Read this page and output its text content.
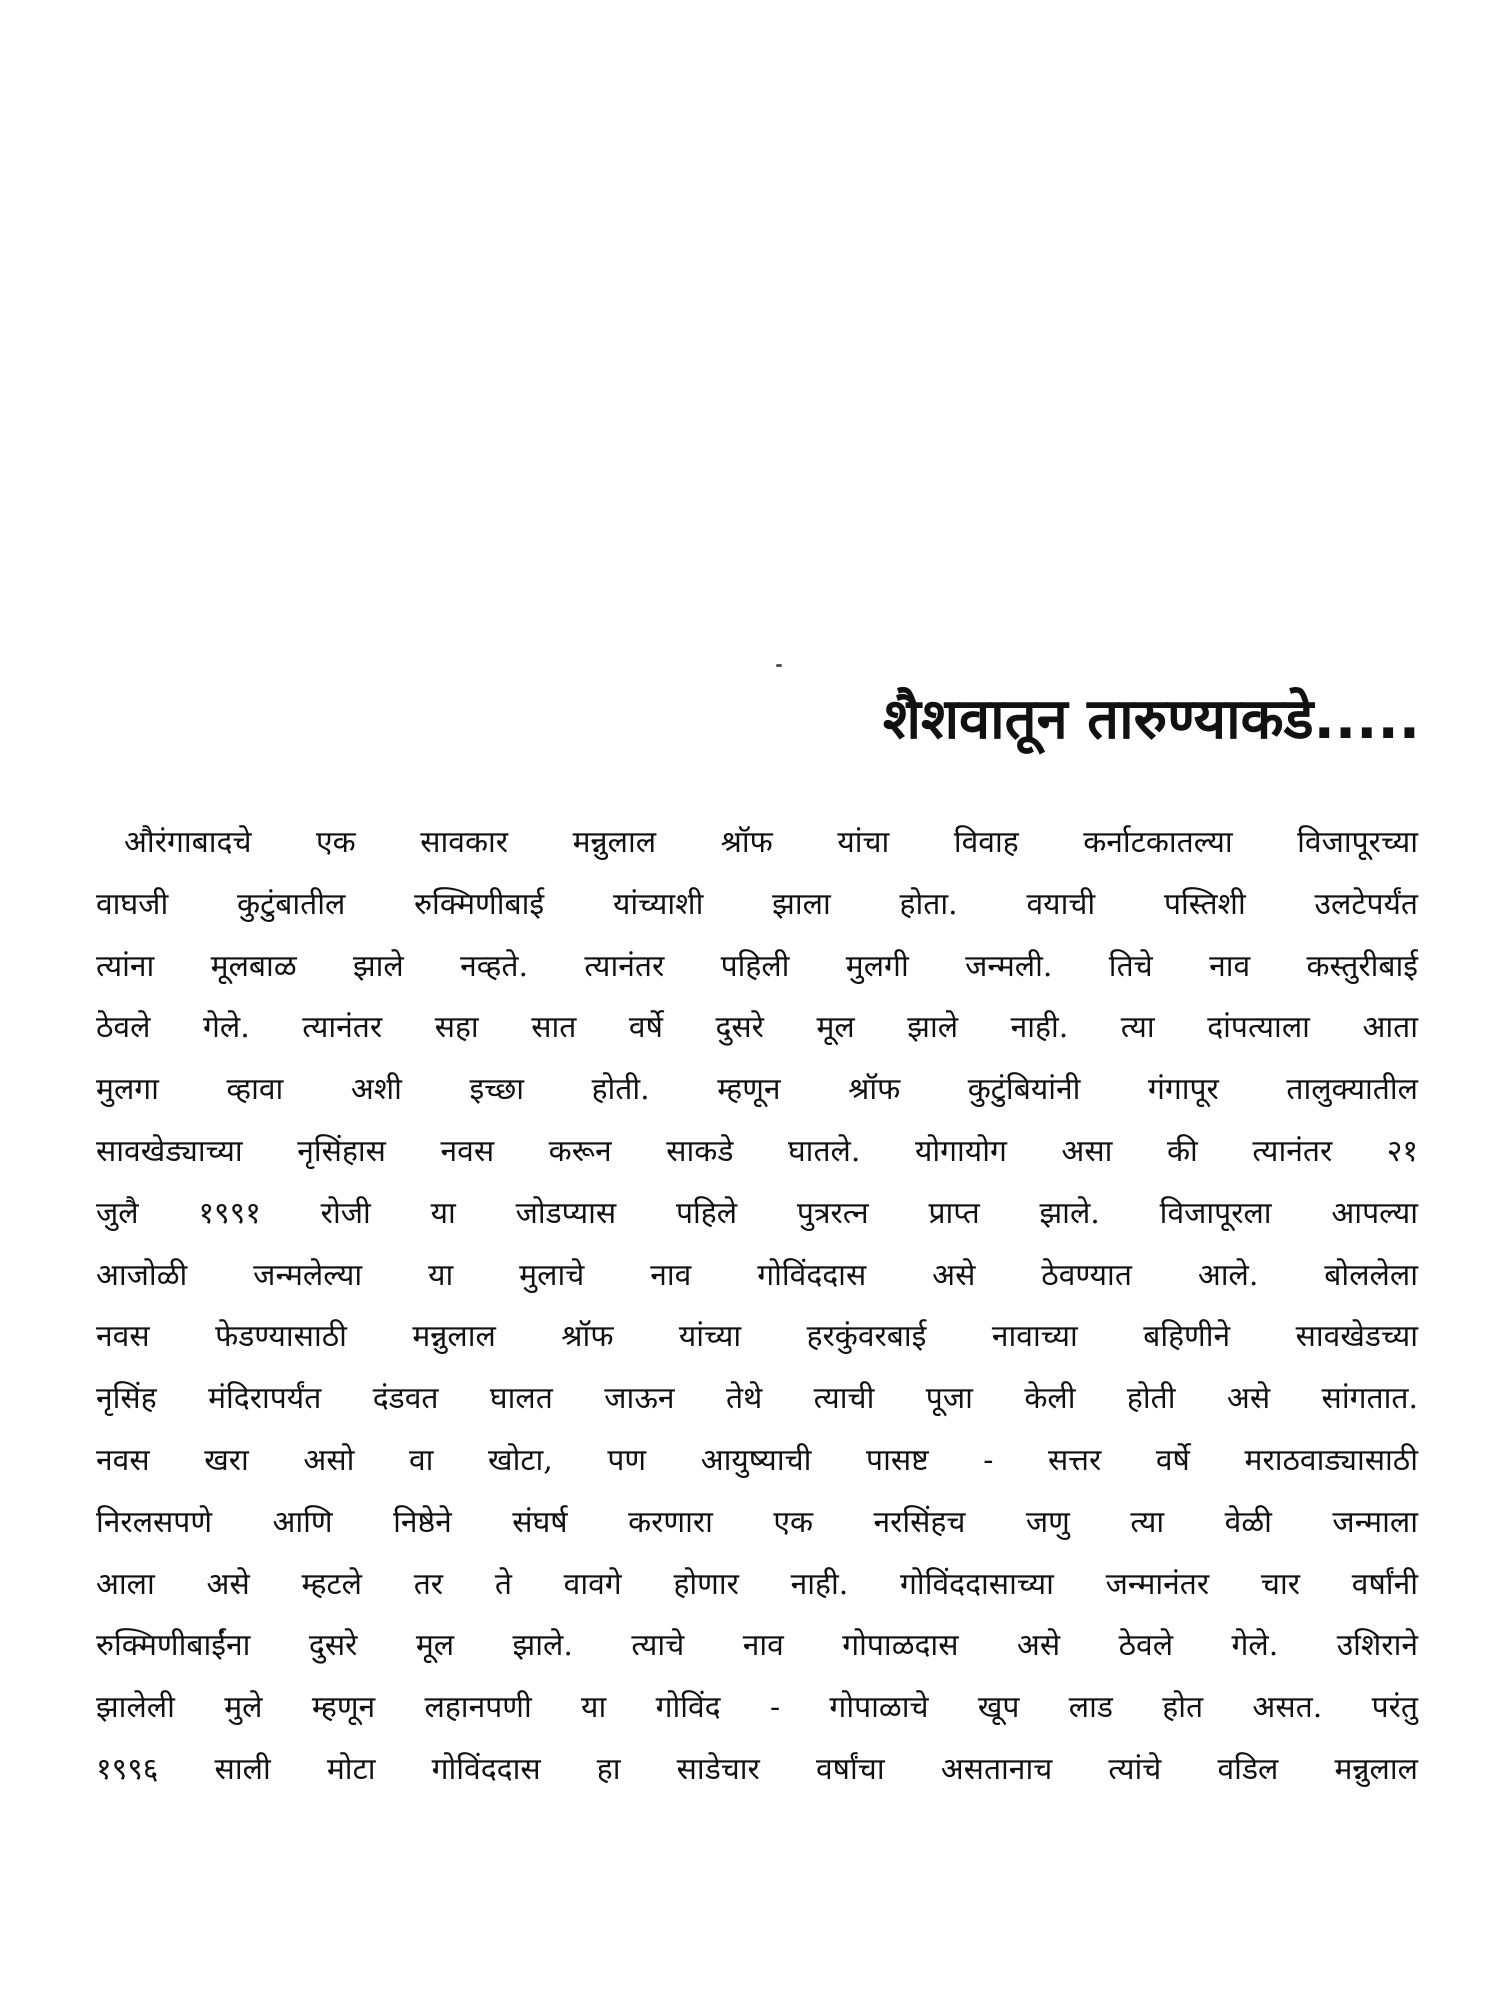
शैशवातून तारुण्याकडे.....
औरंगाबादचे एक सावकार मन्नुलाल श्रॉफ यांचा विवाह कर्नाटकातल्या विजापूरच्या
वाघजी कुटुंबातील रुक्मिणीबाई यांच्याशी झाला होता. वयाची पस्तिशी उलटेपर्यंत
त्यांना मूलबाळ झाले नव्हते. त्यानंतर पहिली मुलगी जन्मली. तिचे नाव कस्तुरीबाई
ठेवले गेले. त्यानंतर सहा सात वर्षे दुसरे मूल झाले नाही. त्या दांपत्याला आता
मुलगा व्हावा अशी इच्छा होती. म्हणून श्रॉफ कुटुंबियांनी गंगापूर तालुक्यातील
सावखेड्याच्या नृसिंहास नवस करून साकडे घातले. योगायोग असा की त्यानंतर २१
जुलै १९९१ रोजी या जोडप्यास पहिले पुत्ररत्न प्राप्त झाले. विजापूरला आपल्या
आजोळी जन्मलेल्या या मुलाचे नाव गोविंददास असे ठेवण्यात आले. बोललेला
नवस फेडण्यासाठी मन्नुलाल श्रॉफ यांच्या हरकुंवरबाई नावाच्या बहिणीने सावखेडच्या
नृसिंह मंदिरापर्यंत दंडवत घालत जाऊन तेथे त्याची पूजा केली होती असे सांगतात.
नवस खरा असो वा खोटा, पण आयुष्याची पासष्ट - सत्तर वर्षे मराठवाड्यासाठी
निरलसपणे आणि निष्ठेने संघर्ष करणारा एक नरसिंहच जणु त्या वेळी जन्माला
आला असे म्हटले तर ते वावगे होणार नाही. गोविंददासाच्या जन्मानंतर चार वर्षांनी
रुक्मिणीबाईंना दुसरे मूल झाले. त्याचे नाव गोपाळदास असे ठेवले गेले. उशिराने
झालेली मुले म्हणून लहानपणी या गोविंद - गोपाळाचे खूप लाड होत असत. परंतु
१९९६ साली मोटा गोविंददास हा साडेचार वर्षांचा असतानाच त्यांचे वडिल मन्नुलाल
